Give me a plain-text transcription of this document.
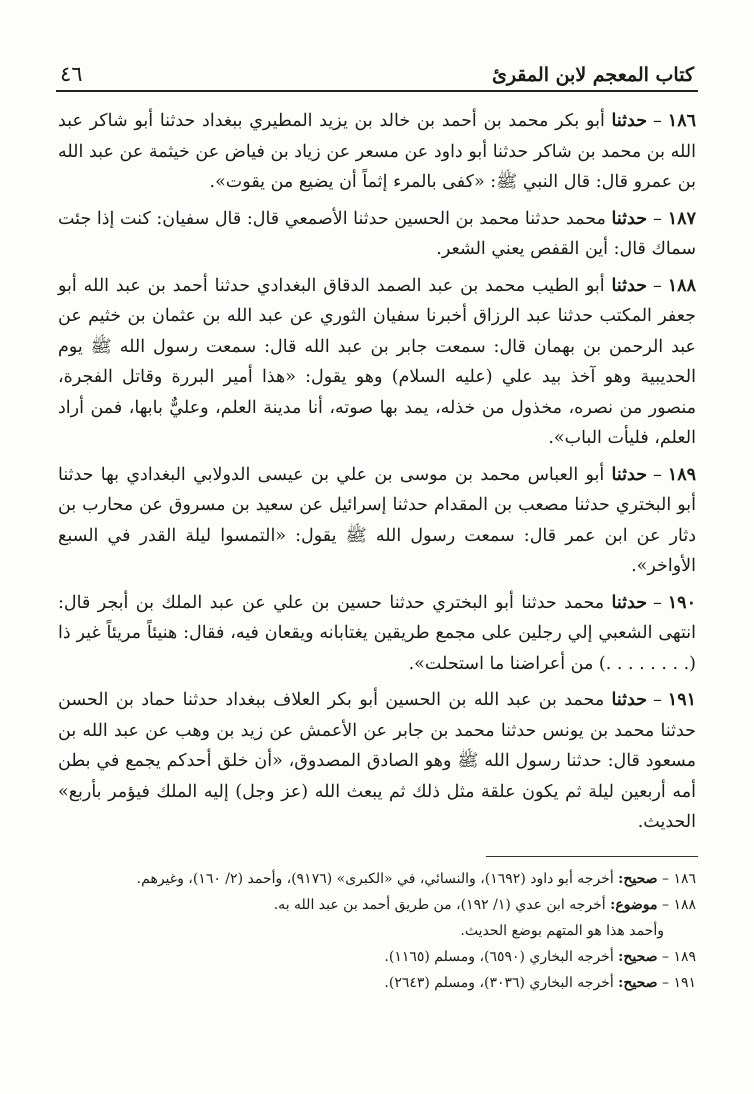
كتاب المعجم لابن المقرئ
٤٦

١٨٦–حدثنا أبو بكر محمد بن أحمد بن خالد بن يزيد المطيري ببغداد حدثنا أبو شاكر عبد الله بن محمد بن شاكر حدثنا أبو داود عن مسعر عن زياد بن فياض عن خيثمة عن عبد الله بن عمرو قال: قال النبي ﷺ: «كفى بالمرء إثماً أن يضيع من يقوت».

١٨٧–حدثنا محمد حدثنا محمد بن الحسين حدثنا الأصمعي قال: قال سفيان: كنت إذا جئت سماك قال: أين القفص يعني الشعر.

١٨٨–حدثنا أبو الطيب محمد بن عبد الصمد الدقاق البغدادي حدثنا أحمد بن عبد الله أبو جعفر المكتب حدثنا عبد الرزاق أخبرنا سفيان الثوري عن عبد الله بن عثمان بن خثيم عن عبد الرحمن بن بهمان قال: سمعت جابر بن عبد الله قال: سمعت رسول الله ﷺ يوم الحديبية وهو آخذ بيد علي (عليه السلام) وهو يقول: «هذا أمير البررة وقاتل الفجرة، منصور من نصره، مخذول من خذله، يمد بها صوته، أنا مدينة العلم، وعليٌّ بابها، فمن أراد العلم، فليأت الباب».

١٨٩–حدثنا أبو العباس محمد بن موسى بن علي بن عيسى الدولابي البغدادي بها حدثنا أبو البختري حدثنا مصعب بن المقدام حدثنا إسرائيل عن سعيد بن مسروق عن محارب بن دثار عن ابن عمر قال: سمعت رسول الله ﷺ يقول: «التمسوا ليلة القدر في السبع الأواخر».

١٩٠–حدثنا محمد حدثنا أبو البختري حدثنا حسين بن علي عن عبد الملك بن أبجر قال: انتهى الشعبي إلي رجلين على مجمع طريقين يغتابانه ويقعان فيه، فقال: هنيئاً مريئاً غير ذا (. . . . . . . .) من أعراضنا ما استحلت».

١٩١–حدثنا محمد بن عبد الله بن الحسين أبو بكر العلاف ببغداد حدثنا حماد بن الحسن حدثنا محمد بن يونس حدثنا محمد بن جابر عن الأعمش عن زيد بن وهب عن عبد الله بن مسعود قال: حدثنا رسول الله ﷺ وهو الصادق المصدوق، «أن خلق أحدكم يجمع في بطن أمه أربعين ليلة ثم يكون علقة مثل ذلك ثم يبعث الله (عز وجل) إليه الملك فيؤمر بأربع» الحديث.

١٨٦ – صحيح: أخرجه أبو داود (١٦٩٢)، والنسائي، في «الكبرى» (٩١٧٦)، وأحمد (٢/ ١٦٠)، وغيرهم.

١٨٨ – موضوع: أخرجه ابن عدي (١/ ١٩٢)، من طريق أحمد بن عبد الله به.

وأحمد هذا هو المتهم بوضع الحديث.

١٨٩ – صحيح: أخرجه البخاري (٦٥٩٠)، ومسلم (١١٦٥).

١٩١ – صحيح: أخرجه البخاري (٣٠٣٦)، ومسلم (٢٦٤٣).
